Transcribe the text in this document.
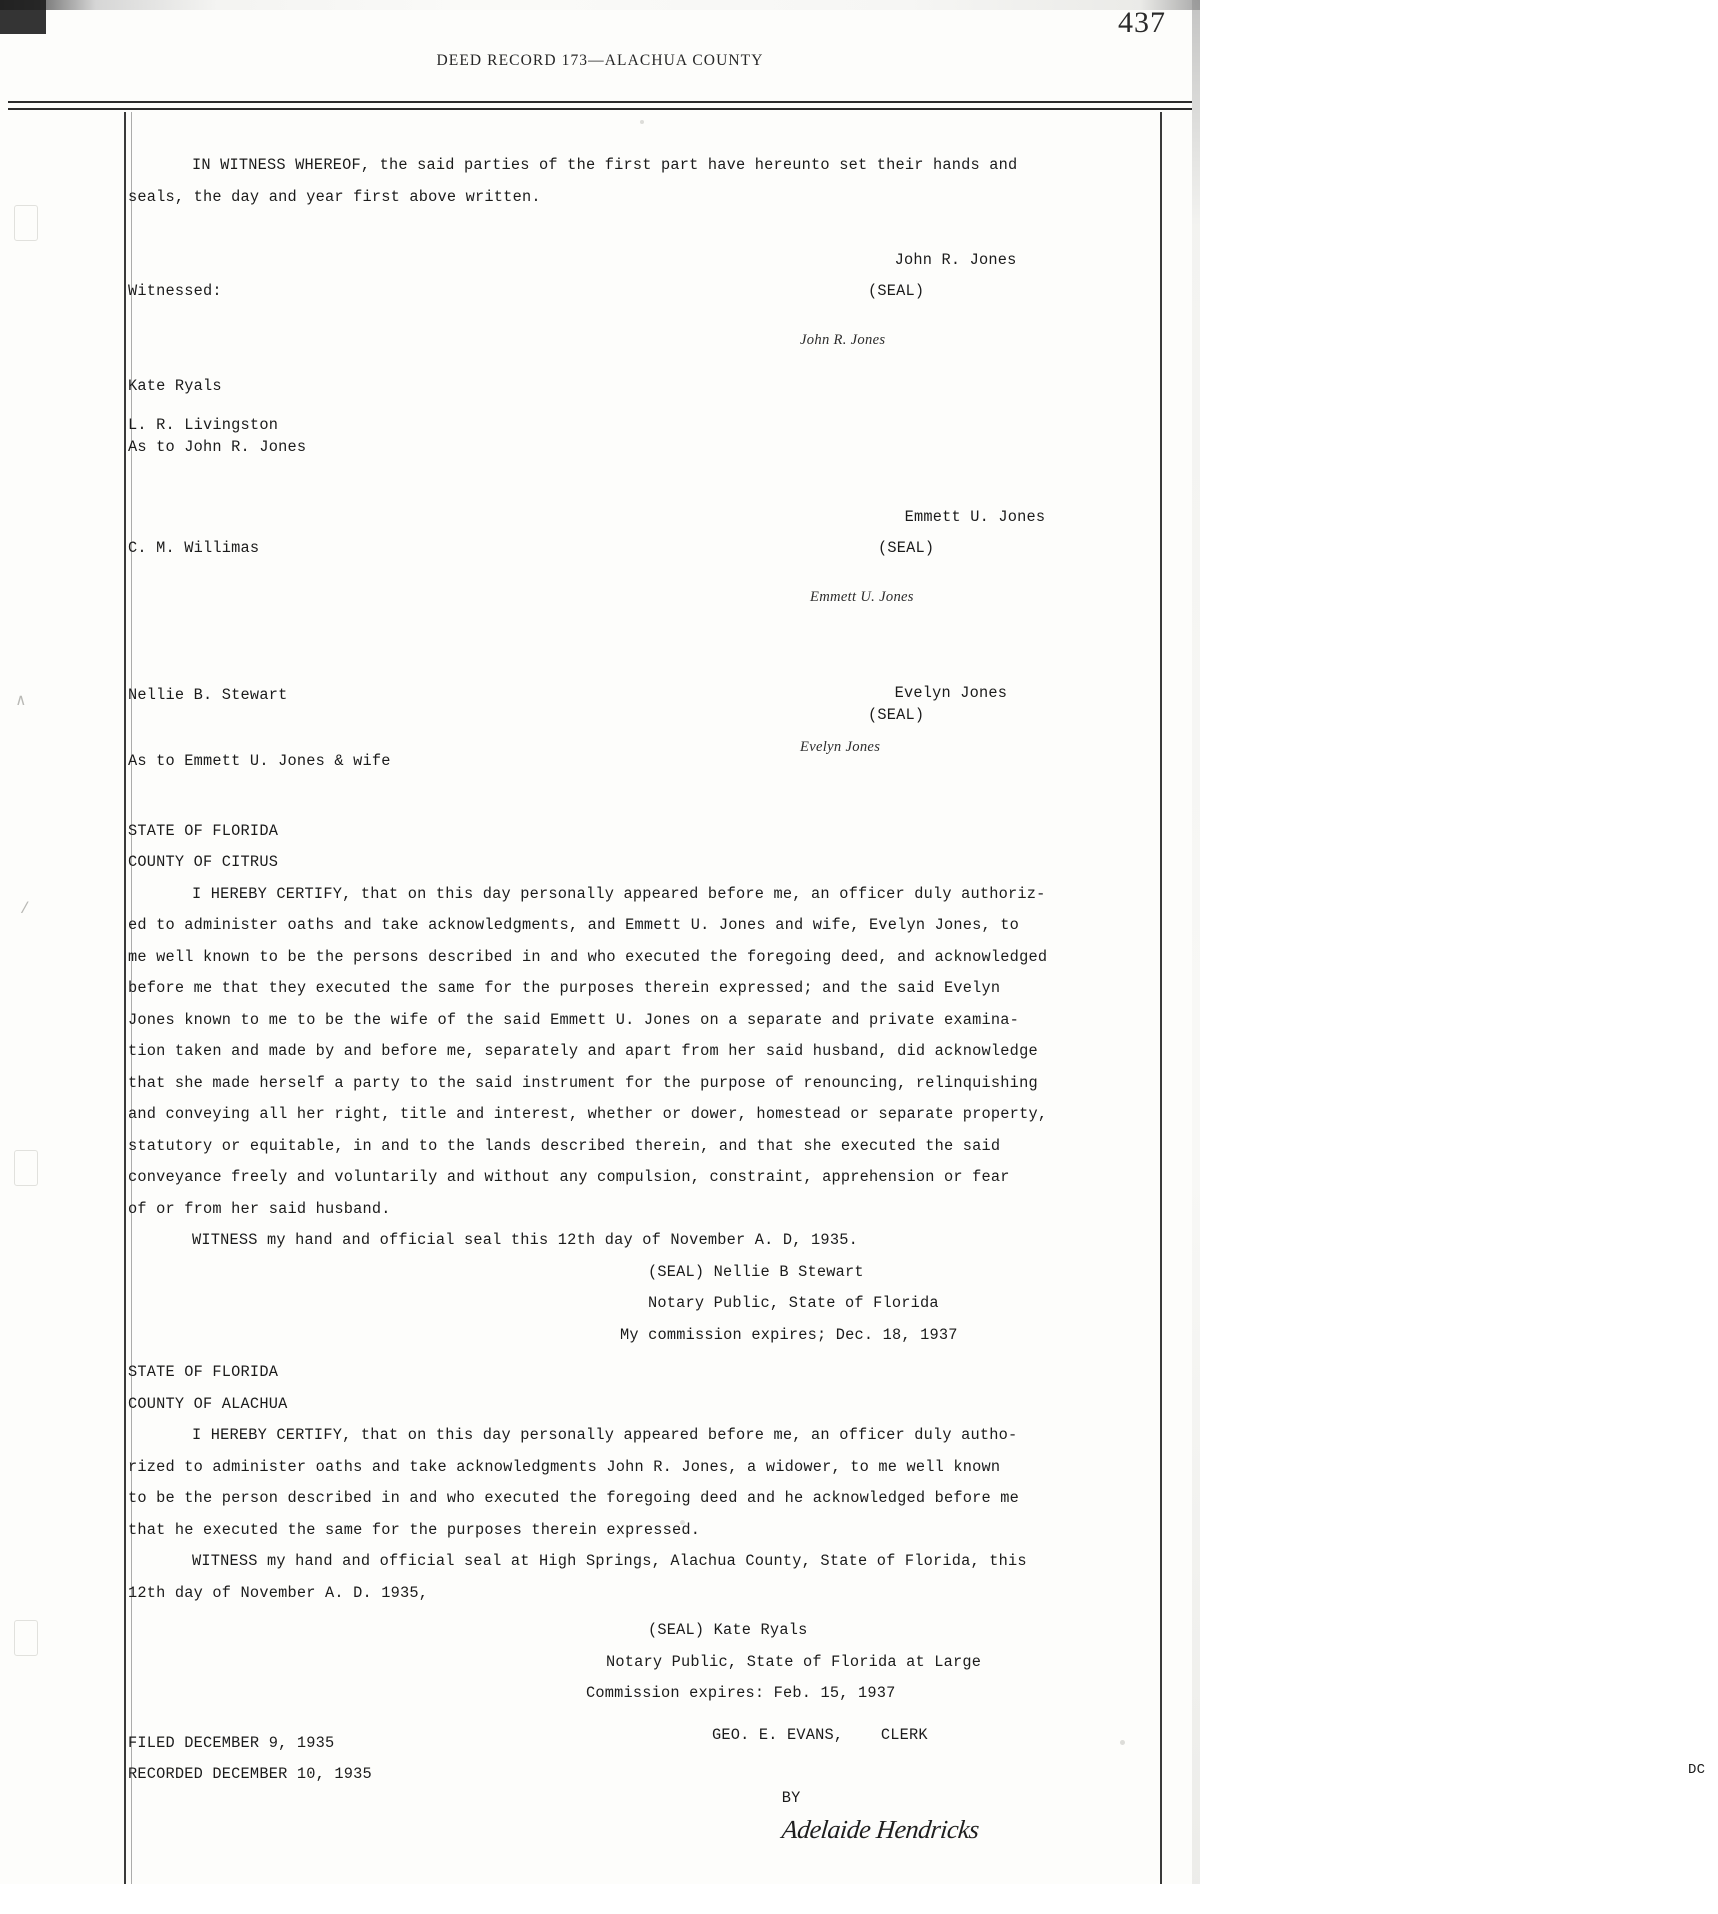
437
DEED RECORD 173—ALACHUA COUNTY
∧
/
IN WITNESS WHEREOF, the said parties of the first part have hereunto set their hands and
seals, the day and year first above written.

Witnessed:

John R. Jones

(SEAL)

John R. Jones
Kate Ryals
L. R. Livingston
As to John R. Jones

C. M. Willimas

Emmett U. Jones

(SEAL)

Emmett U. Jones

Nellie B. Stewart

As to Emmett U. Jones & wife

Evelyn Jones

(SEAL)

Evelyn Jones
STATE OF FLORIDA
COUNTY OF CITRUS
I HEREBY CERTIFY, that on this day personally appeared before me, an officer duly authoriz-
ed to administer oaths and take acknowledgments, and Emmett U. Jones and wife, Evelyn Jones, to
me well known to be the persons described in and who executed the foregoing deed, and acknowledged
before me that they executed the same for the purposes therein expressed; and the said Evelyn
Jones known to me to be the wife of the said Emmett U. Jones on a separate and private examina-
tion taken and made by and before me, separately and apart from her said husband, did acknowledge
that she made herself a party to the said instrument for the purpose of renouncing, relinquishing
and conveying all her right, title and interest, whether or dower, homestead or separate property,
statutory or equitable, in and to the lands described therein, and that she executed the said
conveyance freely and voluntarily and without any compulsion, constraint, apprehension or fear
of or from her said husband.
WITNESS my hand and official seal this 12th day of November A. D, 1935.
(SEAL) Nellie B Stewart
Notary Public, State of Florida
My commission expires; Dec. 18, 1937
STATE OF FLORIDA
COUNTY OF ALACHUA
I HEREBY CERTIFY, that on this day personally appeared before me, an officer duly autho-
rized to administer oaths and take acknowledgments John R. Jones, a widower, to me well known
to be the person described in and who executed the foregoing deed and he acknowledged before me
that he executed the same for the purposes therein expressed.
WITNESS my hand and official seal at High Springs, Alachua County, State of Florida, this
12th day of November A. D. 1935,
(SEAL) Kate Ryals
Notary Public, State of Florida at Large
Commission expires: Feb. 15, 1937
FILED DECEMBER 9, 1935
RECORDED DECEMBER 10, 1935
GEO. E. EVANS,    CLERK

BY
Adelaide Hendricks

DC
